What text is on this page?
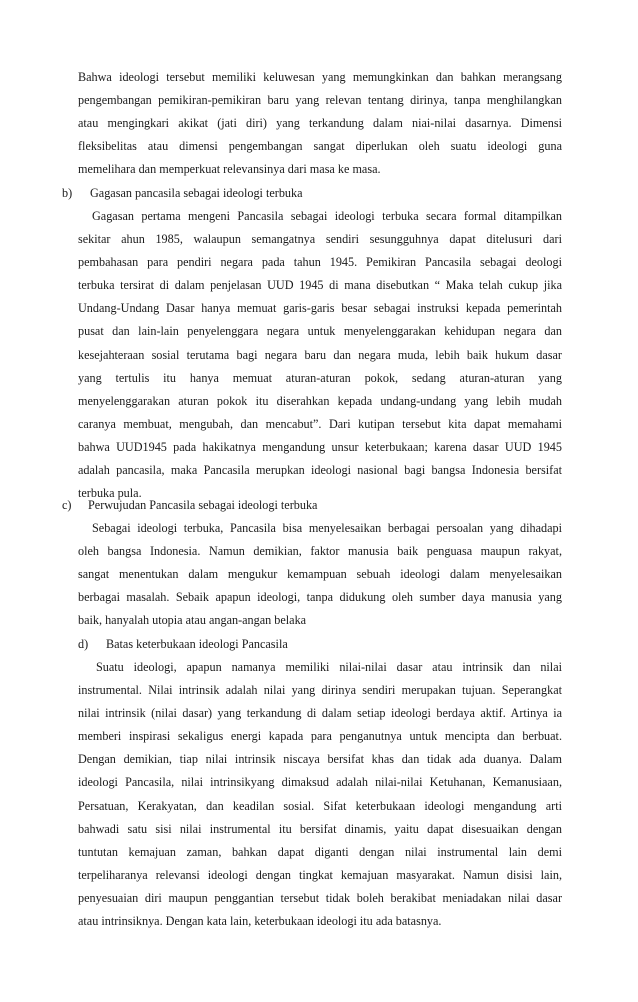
Bahwa ideologi tersebut memiliki keluwesan yang memungkinkan dan bahkan merangsang
pengembangan pemikiran-pemikiran baru yang relevan tentang dirinya, tanpa menghilangkan
atau mengingkari akikat (jati diri) yang terkandung dalam niai-nilai dasarnya. Dimensi
fleksibelitas atau dimensi pengembangan sangat diperlukan oleh suatu ideologi guna
memelihara dan memperkuat relevansinya dari masa ke masa.
b) Gagasan pancasila sebagai ideologi terbuka
Gagasan pertama mengeni Pancasila sebagai ideologi terbuka secara formal ditampilkan
sekitar ahun 1985, walaupun semangatnya sendiri sesungguhnya dapat ditelusuri dari
pembahasan para pendiri negara pada tahun 1945. Pemikiran Pancasila sebagai deologi
terbuka tersirat di dalam penjelasan UUD 1945 di mana disebutkan “ Maka telah cukup jika
Undang-Undang Dasar hanya memuat garis-garis besar sebagai instruksi kepada pemerintah
pusat dan lain-lain penyelenggara negara untuk menyelenggarakan kehidupan negara dan
kesejahteraan sosial terutama bagi negara baru dan negara muda, lebih baik hukum dasar
yang tertulis itu hanya memuat aturan-aturan pokok, sedang aturan-aturan yang
menyelenggarakan aturan pokok itu diserahkan kepada undang-undang yang lebih mudah
caranya membuat, mengubah, dan mencabut”. Dari kutipan tersebut kita dapat memahami
bahwa UUD1945 pada hakikatnya mengandung unsur keterbukaan; karena dasar UUD 1945
adalah pancasila, maka Pancasila merupkan ideologi nasional bagi bangsa Indonesia bersifat
terbuka pula.
c) Perwujudan Pancasila sebagai ideologi terbuka
Sebagai ideologi terbuka, Pancasila bisa menyelesaikan berbagai persoalan yang dihadapi
oleh bangsa Indonesia. Namun demikian, faktor manusia baik penguasa maupun rakyat,
sangat menentukan dalam mengukur kemampuan sebuah ideologi dalam menyelesaikan
berbagai masalah. Sebaik apapun ideologi, tanpa didukung oleh sumber daya manusia yang
baik, hanyalah utopia atau angan-angan belaka
d) Batas keterbukaan ideologi Pancasila
Suatu ideologi, apapun namanya memiliki nilai-nilai dasar atau intrinsik dan nilai
instrumental. Nilai intrinsik adalah nilai yang dirinya sendiri merupakan tujuan. Seperangkat
nilai intrinsik (nilai dasar) yang terkandung di dalam setiap ideologi berdaya aktif. Artinya ia
memberi inspirasi sekaligus energi kapada para penganutnya untuk mencipta dan berbuat.
Dengan demikian, tiap nilai intrinsik niscaya bersifat khas dan tidak ada duanya. Dalam
ideologi Pancasila, nilai intrinsikyang dimaksud adalah nilai-nilai Ketuhanan, Kemanusiaan,
Persatuan, Kerakyatan, dan keadilan sosial. Sifat keterbukaan ideologi mengandung arti
bahwadi satu sisi nilai instrumental itu bersifat dinamis, yaitu dapat disesuaikan dengan
tuntutan kemajuan zaman, bahkan dapat diganti dengan nilai instrumental lain demi
terpeliharanya relevansi ideologi dengan tingkat kemajuan masyarakat. Namun disisi lain,
penyesuaian diri maupun penggantian tersebut tidak boleh berakibat meniadakan nilai dasar
atau intrinsiknya. Dengan kata lain, keterbukaan ideologi itu ada batasnya.
